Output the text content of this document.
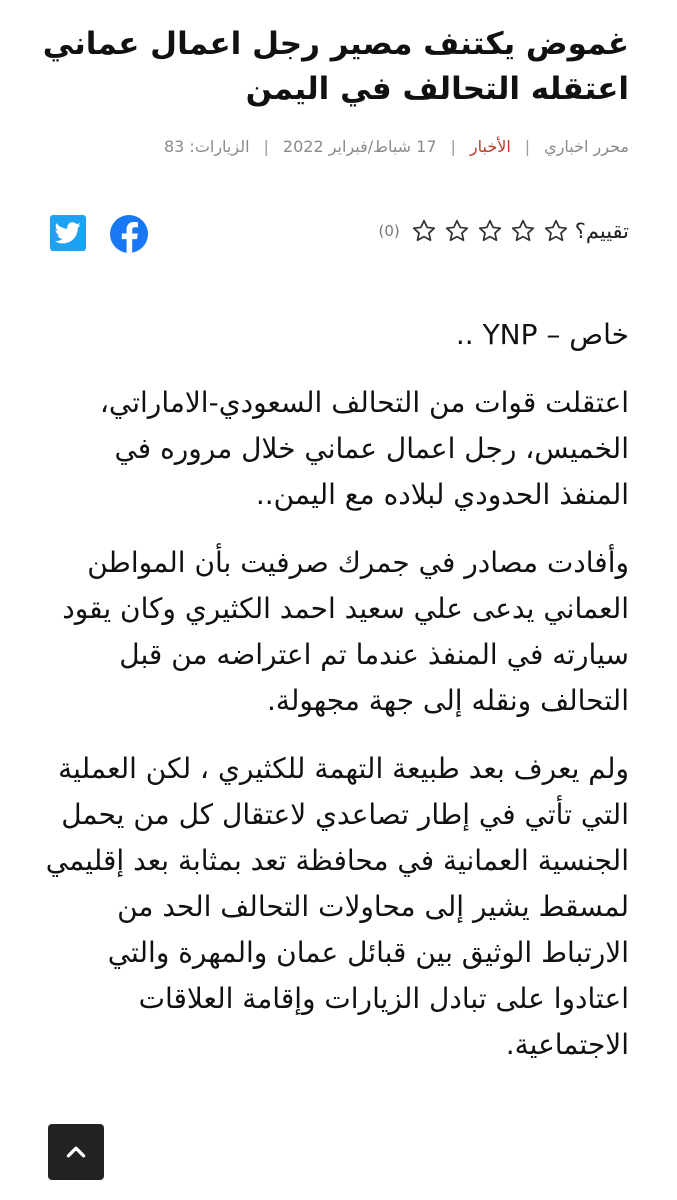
غموض يكتنف مصير رجل اعمال عماني اعتقله التحالف في اليمن
محرر اخباري
|
الأخبار
|
17 شباط/فبراير 2022
|
الزيارات: 83
تقييم؟
(0)

خاص – YNP ..

اعتقلت قوات من التحالف السعودي-الاماراتي، الخميس، رجل اعمال عماني خلال مروره في المنفذ الحدودي لبلاده مع اليمن..

وأفادت مصادر في جمرك صرفيت بأن المواطن العماني يدعى علي سعيد احمد الكثيري وكان يقود سيارته في المنفذ عندما تم اعتراضه من قبل التحالف ونقله إلى جهة مجهولة.

ولم يعرف بعد طبيعة التهمة للكثيري ، لكن العملية التي تأتي في إطار تصاعدي لاعتقال كل من يحمل الجنسية العمانية في محافظة تعد بمثابة بعد إقليمي لمسقط يشير إلى محاولات التحالف الحد من الارتباط الوثيق بين قبائل عمان والمهرة والتي اعتادوا على تبادل الزيارات وإقامة العلاقات الاجتماعية.
